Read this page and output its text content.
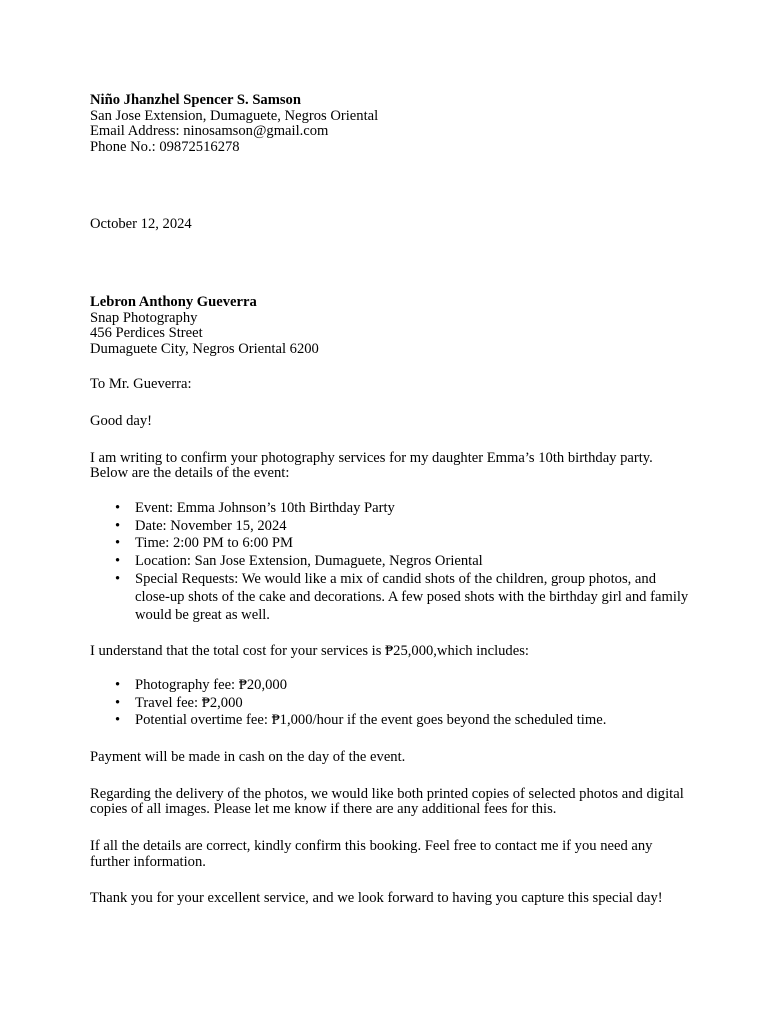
Niño Jhanzhel Spencer S. Samson
San Jose Extension, Dumaguete, Negros Oriental
Email Address: ninosamson@gmail.com
Phone No.: 09872516278
October 12, 2024
Lebron Anthony Gueverra
Snap Photography
456 Perdices Street
Dumaguete City, Negros Oriental 6200

To Mr. Gueverra:

Good day!

I am writing to confirm your photography services for my daughter Emma’s 10th birthday party. Below are the details of the event:

• Event: Emma Johnson’s 10th Birthday Party
• Date: November 15, 2024
• Time: 2:00 PM to 6:00 PM
• Location: San Jose Extension, Dumaguete, Negros Oriental
• Special Requests: We would like a mix of candid shots of the children, group photos, and close-up shots of the cake and decorations. A few posed shots with the birthday girl and family would be great as well.

I understand that the total cost for your services is ₱25,000,which includes:

• Photography fee: ₱20,000
• Travel fee: ₱2,000
• Potential overtime fee: ₱1,000/hour if the event goes beyond the scheduled time.

Payment will be made in cash on the day of the event.

Regarding the delivery of the photos, we would like both printed copies of selected photos and digital copies of all images. Please let me know if there are any additional fees for this.

If all the details are correct, kindly confirm this booking. Feel free to contact me if you need any further information.

Thank you for your excellent service, and we look forward to having you capture this special day!
